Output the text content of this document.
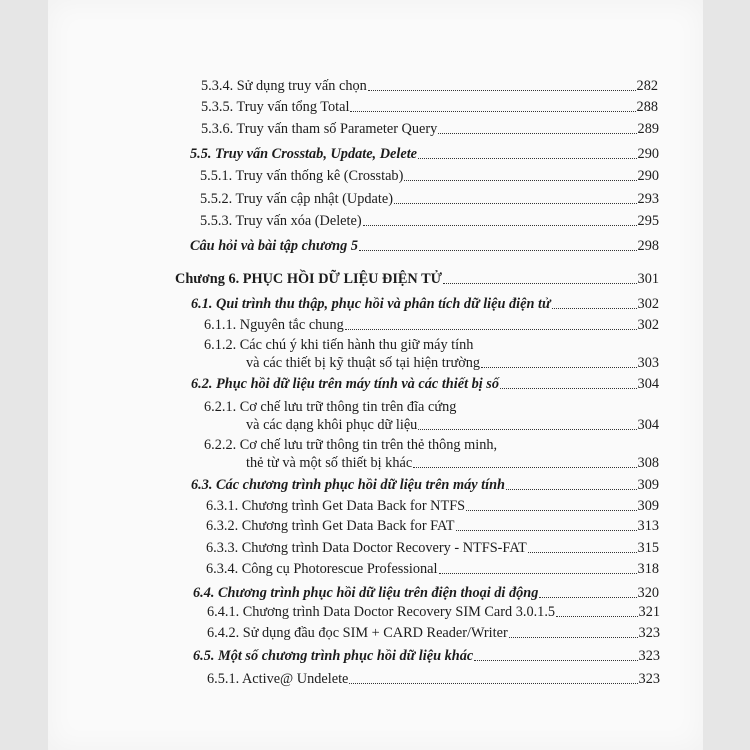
5.3.4. Sử dụng truy vấn chọn	282
5.3.5. Truy vấn tổng Total	288
5.3.6. Truy vấn tham số Parameter Query	289
5.5. Truy vấn Crosstab, Update, Delete	290
5.5.1. Truy vấn thống kê (Crosstab)	290
5.5.2. Truy vấn cập nhật (Update)	293
5.5.3. Truy vấn xóa (Delete)	295
Câu hỏi và bài tập chương 5	298
Chương 6. PHỤC HỒI DỮ LIỆU ĐIỆN TỬ	301
6.1. Qui trình thu thập, phục hồi và phân tích dữ liệu điện tử	302
6.1.1. Nguyên tắc chung	302
6.1.2. Các chú ý khi tiến hành thu giữ máy tính
và các thiết bị kỹ thuật số tại hiện trường	303
6.2. Phục hồi dữ liệu trên máy tính và các thiết bị số	304
6.2.1. Cơ chế lưu trữ thông tin trên đĩa cứng
và các dạng khôi phục dữ liệu	304
6.2.2. Cơ chế lưu trữ thông tin trên thẻ thông minh,
thẻ từ và một số thiết bị khác	308
6.3. Các chương trình phục hồi dữ liệu trên máy tính	309
6.3.1. Chương trình Get Data Back for NTFS	309
6.3.2. Chương trình Get Data Back for FAT	313
6.3.3. Chương trình Data Doctor Recovery - NTFS-FAT	315
6.3.4. Công cụ Photorescue Professional	318
6.4. Chương trình phục hồi dữ liệu trên điện thoại di động	320
6.4.1. Chương trình Data Doctor Recovery SIM Card 3.0.1.5	321
6.4.2. Sử dụng đầu đọc SIM + CARD Reader/Writer	323
6.5. Một số chương trình phục hồi dữ liệu khác	323
6.5.1. Active@ Undelete	323
